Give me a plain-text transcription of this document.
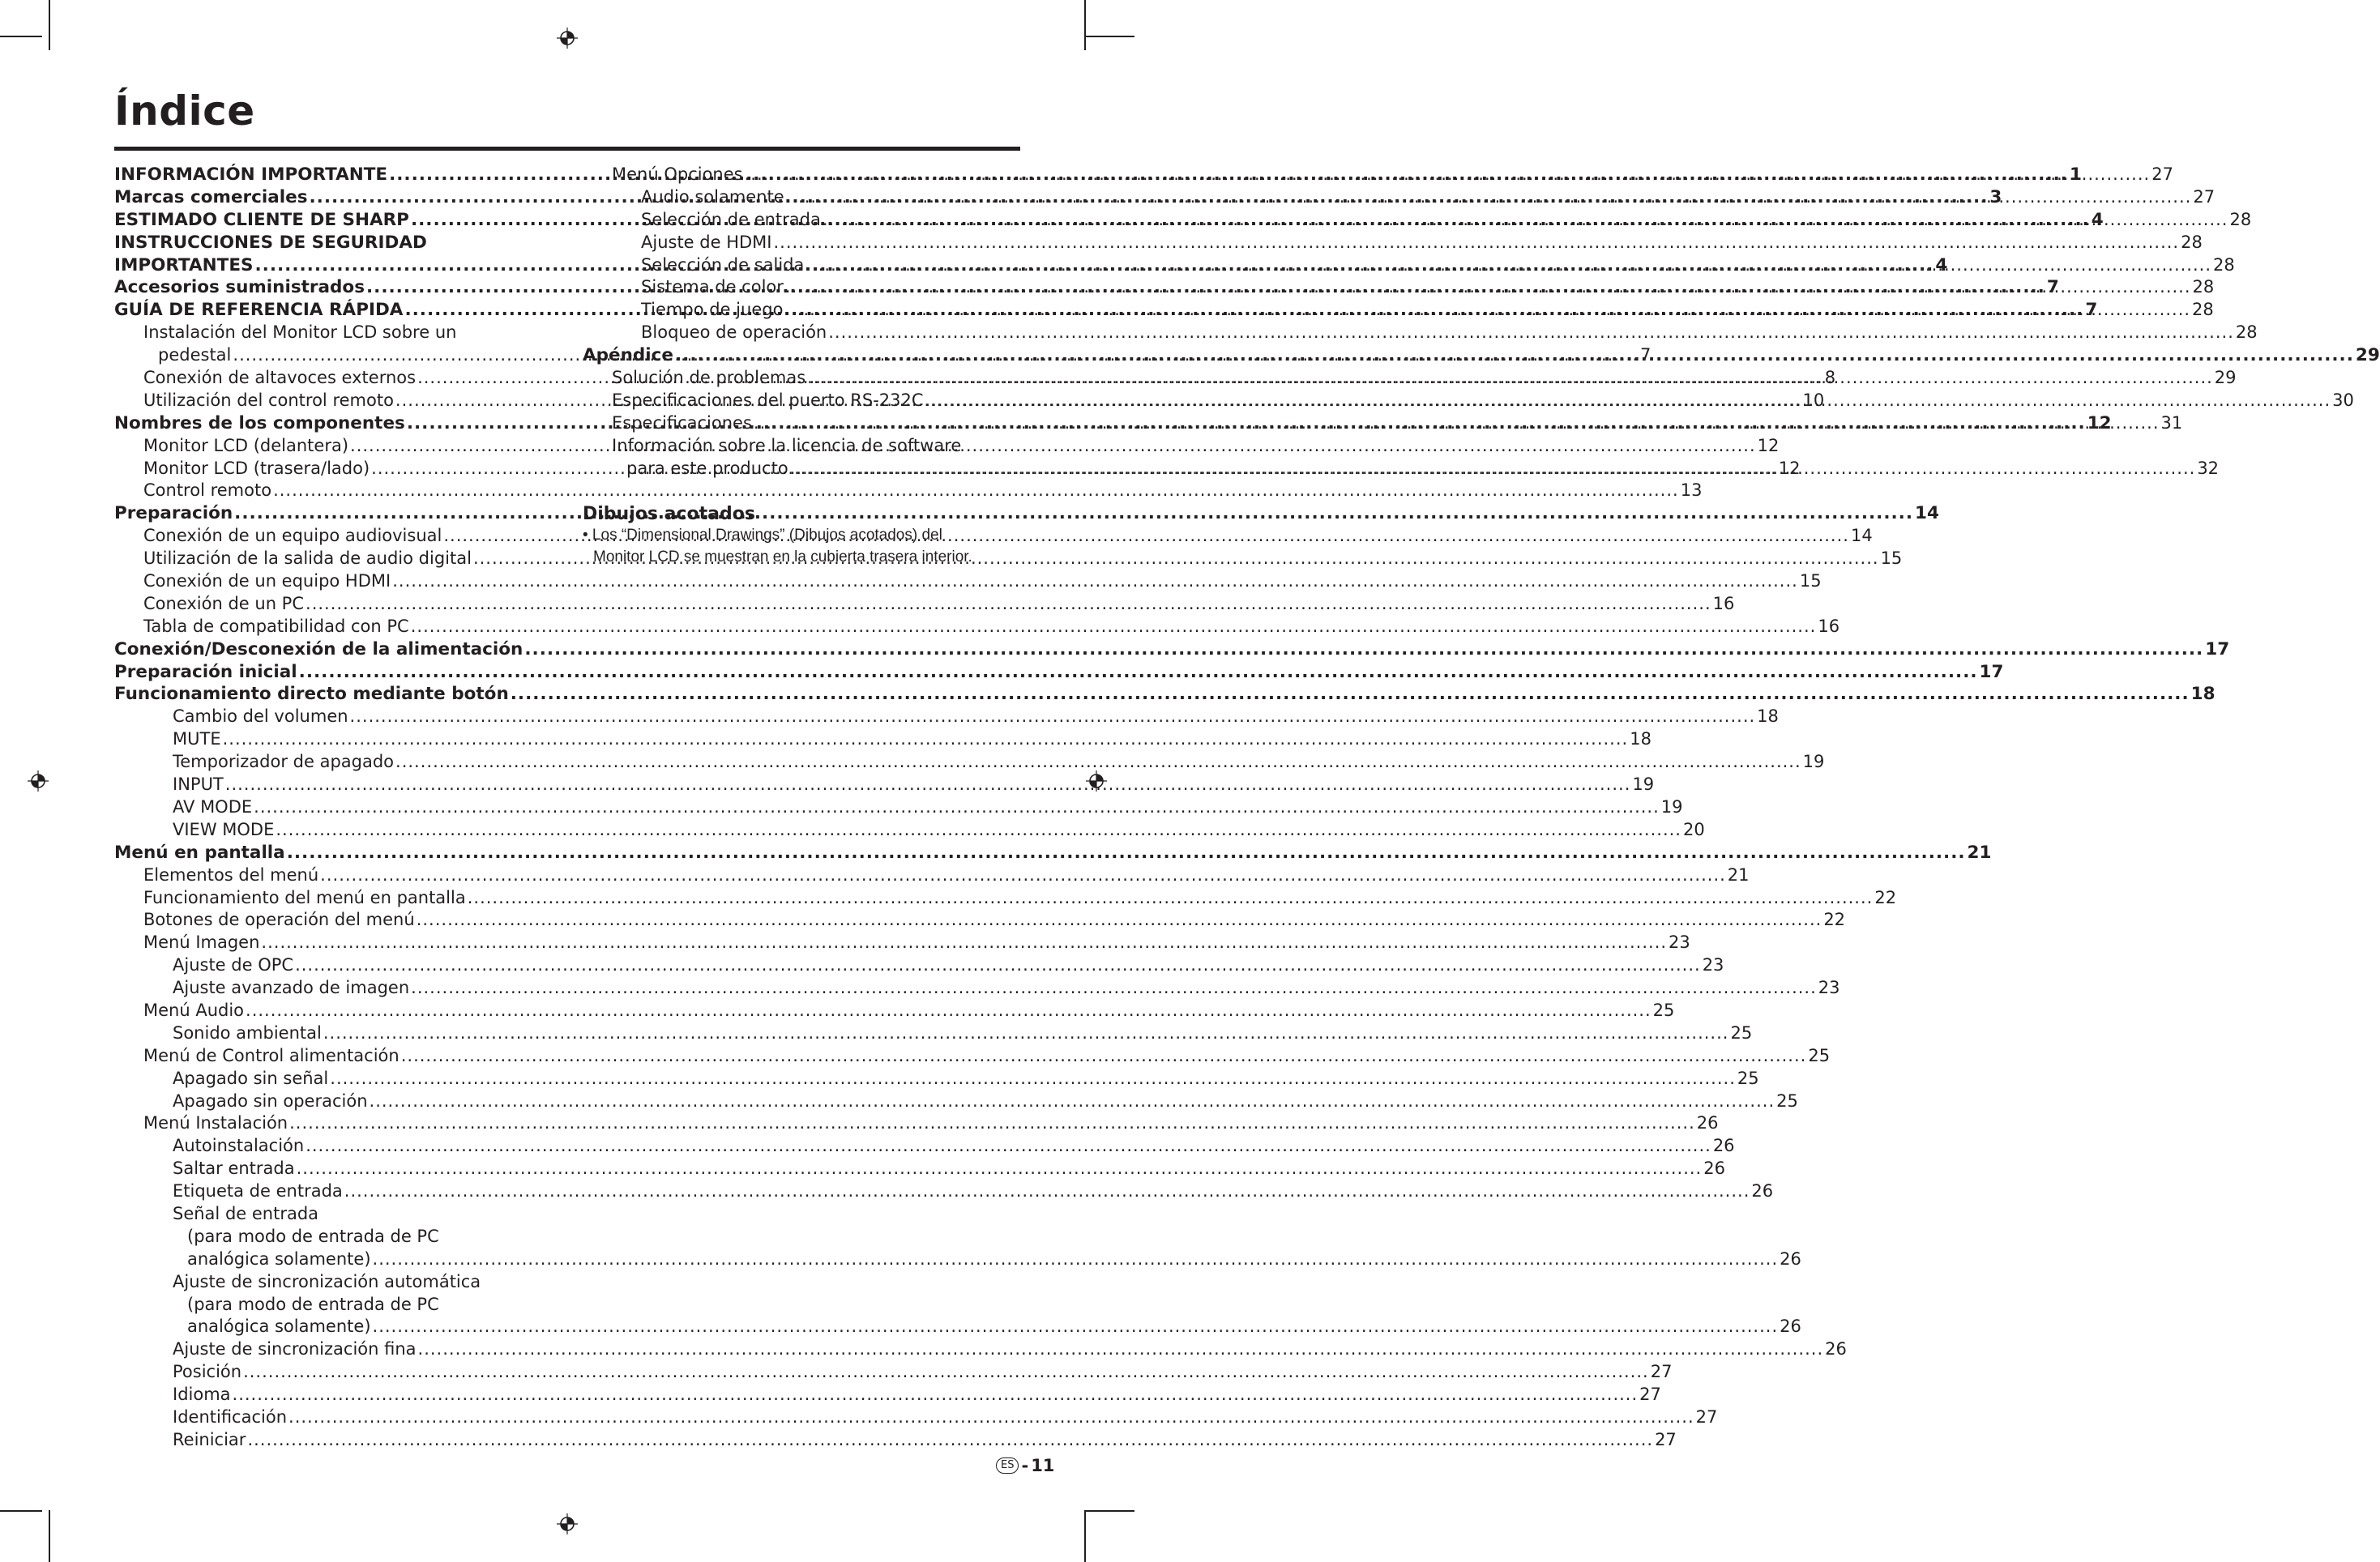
Índice
INFORMACIÓN IMPORTANTE .....	1
Marcas comerciales .....	3
ESTIMADO CLIENTE DE SHARP .....	4
INSTRUCCIONES DE SEGURIDAD
IMPORTANTES .....	4
Accesorios suministrados .....	7
GUÍA DE REFERENCIA RÁPIDA .....	7
Instalación del Monitor LCD sobre un
pedestal .....	7
Conexión de altavoces externos .....	8
Utilización del control remoto .....	10
Nombres de los componentes .....	12
Monitor LCD (delantera) .....	12
Monitor LCD (trasera/lado) .....	12
Control remoto .....	13
Preparación .....	14
Conexión de un equipo audiovisual .....	14
Utilización de la salida de audio digital .....	15
Conexión de un equipo HDMI .....	15
Conexión de un PC .....	16
Tabla de compatibilidad con PC .....	16
Conexión/Desconexión de la alimentación .....	17
Preparación inicial .....	17
Funcionamiento directo mediante botón .....	18
Cambio del volumen .....	18
MUTE .....	18
Temporizador de apagado .....	19
INPUT .....	19
AV MODE .....	19
VIEW MODE .....	20
Menú en pantalla .....	21
Elementos del menú .....	21
Funcionamiento del menú en pantalla .....	22
Botones de operación del menú .....	22
Menú Imagen .....	23
Ajuste de OPC .....	23
Ajuste avanzado de imagen .....	23
Menú Audio .....	25
Sonido ambiental .....	25
Menú de Control alimentación .....	25
Apagado sin señal .....	25
Apagado sin operación .....	25
Menú Instalación .....	26
Autoinstalación .....	26
Saltar entrada .....	26
Etiqueta de entrada .....	26
Señal de entrada
(para modo de entrada de PC
analógica solamente) .....	26
Ajuste de sincronización automática
(para modo de entrada de PC
analógica solamente) .....	26
Ajuste de sincronización fina .....	26
Posición .....	27
Idioma .....	27
Identificación .....	27
Reiniciar .....	27
Menú Opciones .....	27
Audio solamente .....	27
Selección de entrada .....	28
Ajuste de HDMI .....	28
Selección de salida .....	28
Sistema de color .....	28
Tiempo de juego .....	28
Bloqueo de operación .....	28
Apéndice .....	29
Solución de problemas .....	29
Especificaciones del puerto RS-232C .....	30
Especificaciones .....	31
Información sobre la licencia de software
para este producto .....	32
Dibujos acotados
• Los “Dimensional Drawings” (Dibujos acotados) del
Monitor LCD se muestran en la cubierta trasera interior.
ES - 11
